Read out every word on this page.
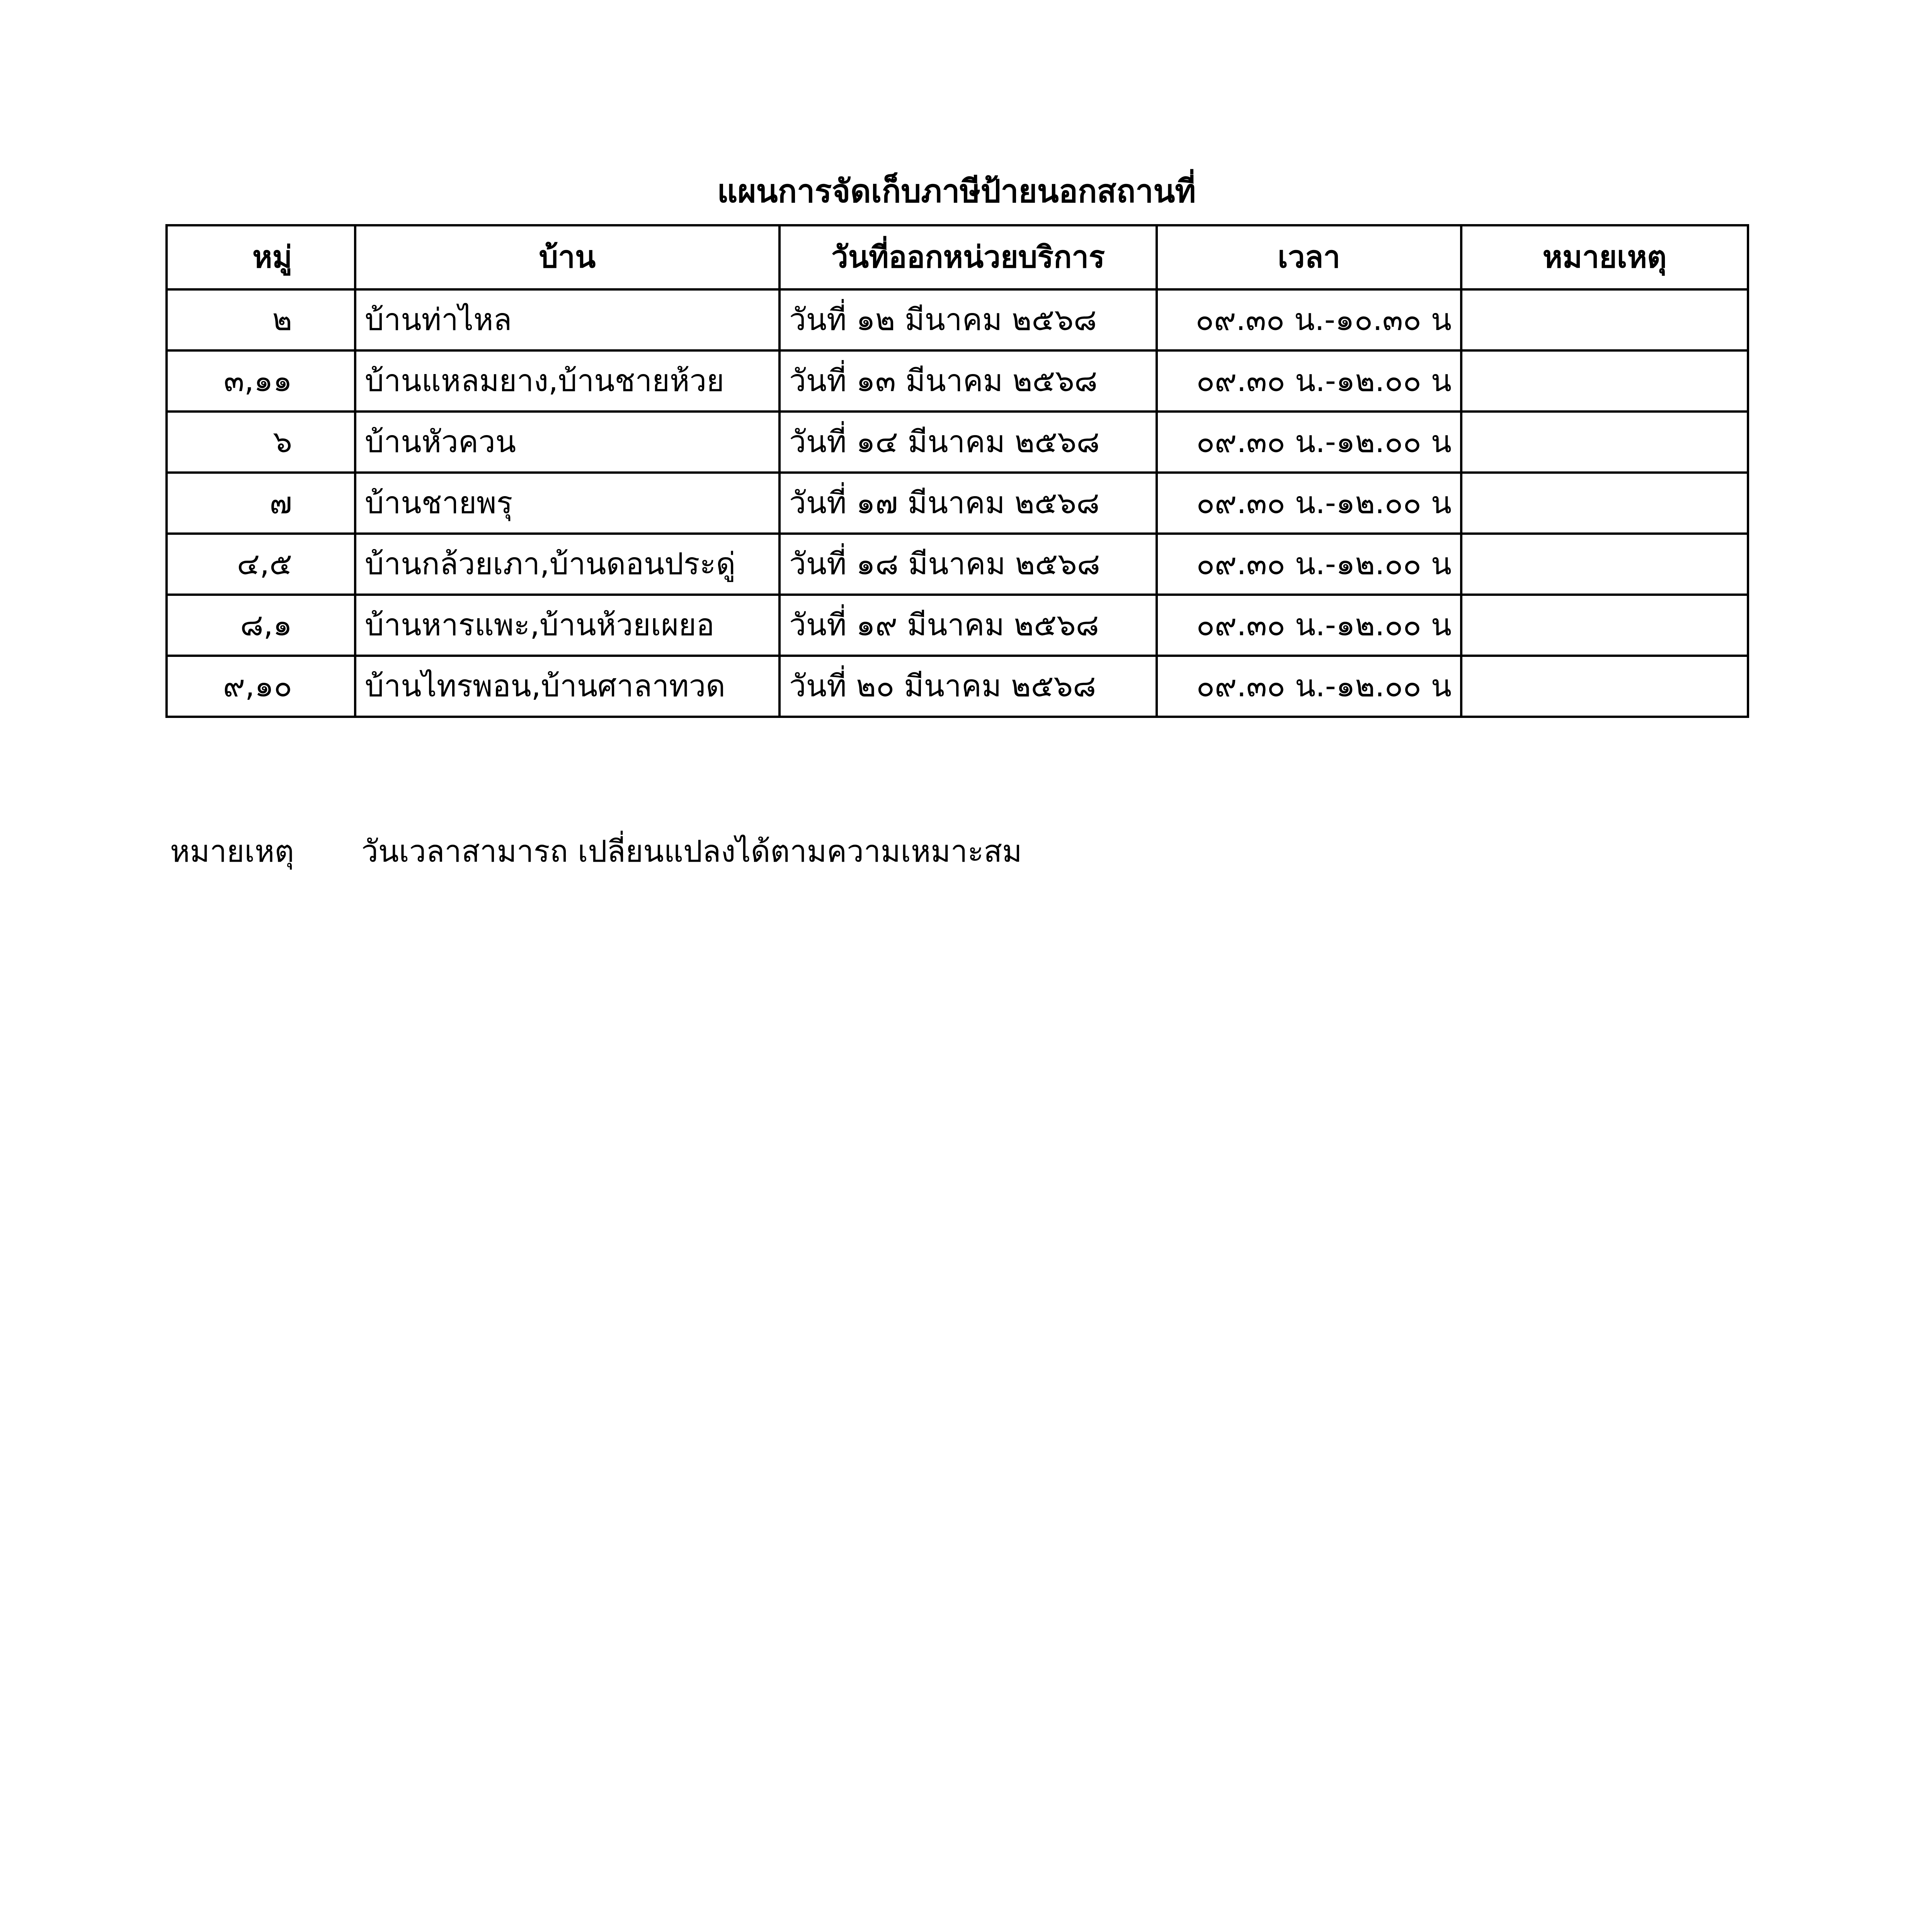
แผนการจัดเก็บภาษีป้ายนอกสถานที่
หมู่	บ้าน	วันที่ออกหน่วยบริการ	เวลา	หมายเหตุ
๒	บ้านท่าไหล	วันที่ ๑๒ มีนาคม ๒๕๖๘	๐๙.๓๐ น.-๑๐.๓๐ น	
๓,๑๑	บ้านแหลมยาง,บ้านชายห้วย	วันที่ ๑๓ มีนาคม ๒๕๖๘	๐๙.๓๐ น.-๑๒.๐๐ น	
๖	บ้านหัวควน	วันที่ ๑๔ มีนาคม ๒๕๖๘	๐๙.๓๐ น.-๑๒.๐๐ น	
๗	บ้านชายพรุ	วันที่ ๑๗ มีนาคม ๒๕๖๘	๐๙.๓๐ น.-๑๒.๐๐ น	
๔,๕	บ้านกล้วยเภา,บ้านดอนประดู่	วันที่ ๑๘ มีนาคม ๒๕๖๘	๐๙.๓๐ น.-๑๒.๐๐ น	
๘,๑	บ้านหารแพะ,บ้านห้วยเผยอ	วันที่ ๑๙ มีนาคม ๒๕๖๘	๐๙.๓๐ น.-๑๒.๐๐ น	
๙,๑๐	บ้านไทรพอน,บ้านศาลาทวด	วันที่ ๒๐ มีนาคม ๒๕๖๘	๐๙.๓๐ น.-๑๒.๐๐ น	
หมายเหตุ วันเวลาสามารถ เปลี่ยนแปลงได้ตามความเหมาะสม
